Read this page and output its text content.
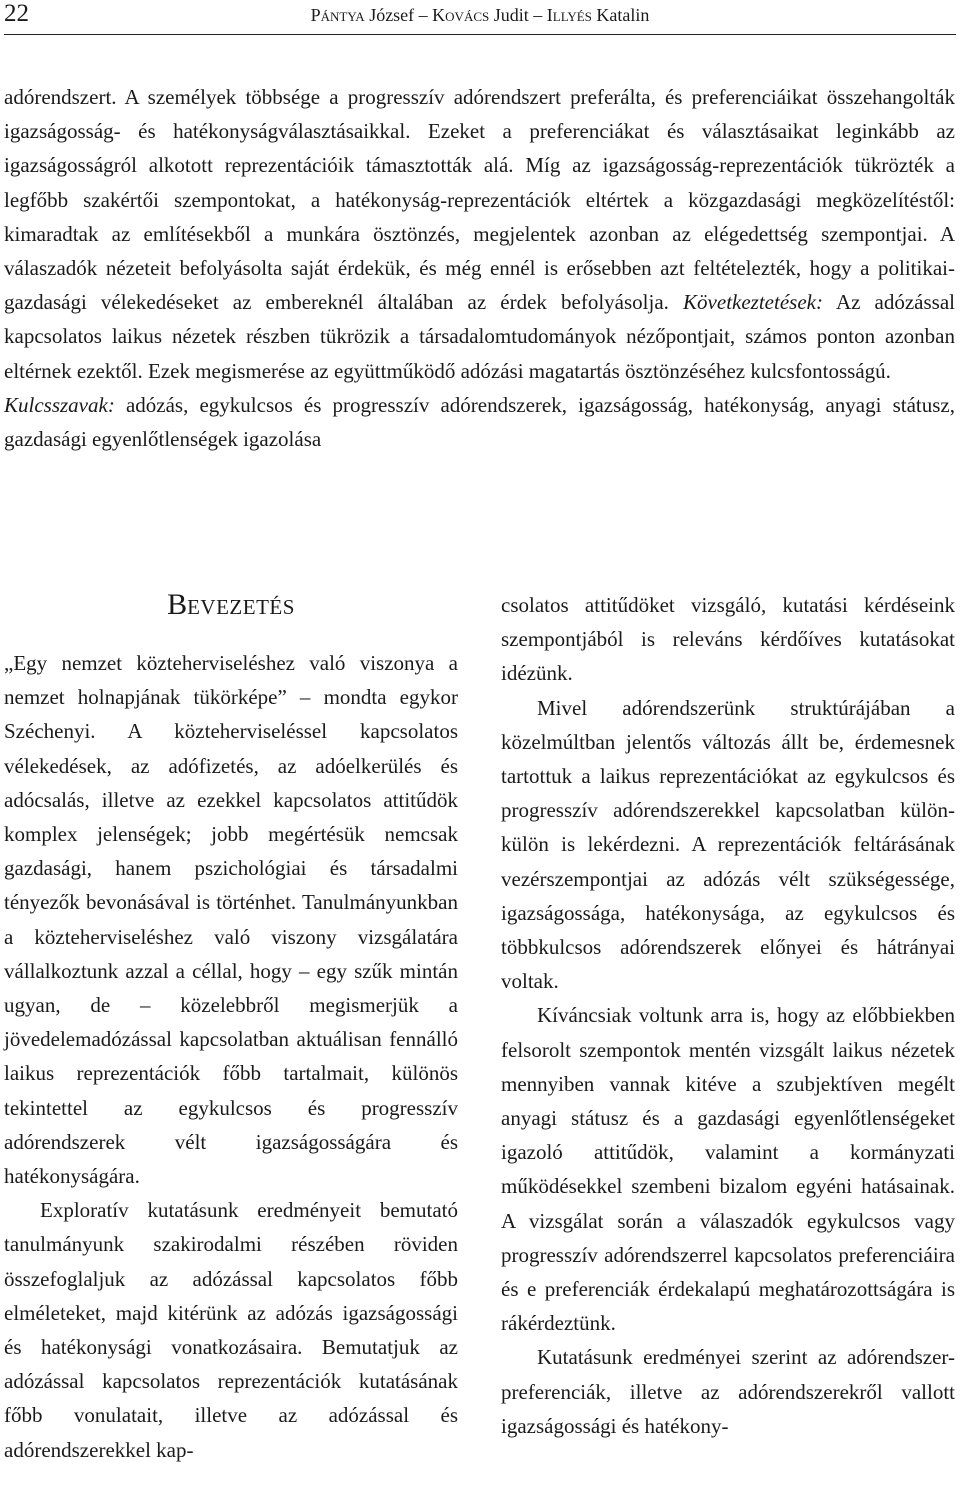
22	Pántya József – Kovács Judit – Illyés Katalin

adórendszert. A személyek többsége a progresszív adórendszert preferálta, és preferenciáikat összehangolták igazságosság- és hatékonyságválasztásaikkal. Ezeket a preferenciákat és választásaikat leginkább az igazságosságról alkotott reprezentációik támasztották alá. Míg az igazságosság-reprezentációk tükrözték a legfőbb szakértői szempontokat, a hatékonyság-reprezentációk eltértek a közgazdasági megközelítéstől: kimaradtak az említésekből a munkára ösztönzés, megjelentek azonban az elégedettség szempontjai. A válaszadók nézeteit befolyásolta saját érdekük, és még ennél is erősebben azt feltételezték, hogy a politikai-gazdasági vélekedéseket az embereknél általában az érdek befolyásolja. Következtetések: Az adózással kapcsolatos laikus nézetek részben tükrözik a társadalomtudományok nézőpontjait, számos ponton azonban eltérnek ezektől. Ezek megismerése az együttműködő adózási magatartás ösztönzéséhez kulcsfontosságú.

Kulcsszavak: adózás, egykulcsos és progresszív adórendszerek, igazságosság, hatékonyság, anyagi státusz, gazdasági egyenlőtlenségek igazolása

BEVEZETÉS

„Egy nemzet közteherviseléshez való viszonya a nemzet holnapjának tükörképe” – mondta egykor Széchenyi. A közteherviseléssel kapcsolatos vélekedések, az adófizetés, az adóelkerülés és adócsalás, illetve az ezekkel kapcsolatos attitűdök komplex jelenségek; jobb megértésük nemcsak gazdasági, hanem pszichológiai és társadalmi tényezők bevonásával is történhet. Tanulmányunkban a közteherviseléshez való viszony vizsgálatára vállalkoztunk azzal a céllal, hogy – egy szűk mintán ugyan, de – közelebbről megismerjük a jövedelemadózással kapcsolatban aktuálisan fennálló laikus reprezentációk főbb tartalmait, különös tekintettel az egykulcsos és progresszív adórendszerek vélt igazságosságára és hatékonyságára.

Exploratív kutatásunk eredményeit bemutató tanulmányunk szakirodalmi részében röviden összefoglaljuk az adózással kapcsolatos főbb elméleteket, majd kitérünk az adózás igazságossági és hatékonysági vonatkozásaira. Bemutatjuk az adózással kapcsolatos reprezentációk kutatásának főbb vonulatait, illetve az adózással és adórendszerekkel kap-

csolatos attitűdöket vizsgáló, kutatási kérdéseink szempontjából is releváns kérdőíves kutatásokat idézünk.

Mivel adórendszerünk struktúrájában a közelmúltban jelentős változás állt be, érdemesnek tartottuk a laikus reprezentációkat az egykulcsos és progresszív adórendszerekkel kapcsolatban külön-külön is lekérdezni. A reprezentációk feltárásának vezérszempontjai az adózás vélt szükségessége, igazságossága, hatékonysága, az egykulcsos és többkulcsos adórendszerek előnyei és hátrányai voltak.

Kíváncsiak voltunk arra is, hogy az előbbiekben felsorolt szempontok mentén vizsgált laikus nézetek mennyiben vannak kitéve a szubjektíven megélt anyagi státusz és a gazdasági egyenlőtlenségeket igazoló attitűdök, valamint a kormányzati működésekkel szembeni bizalom egyéni hatásainak. A vizsgálat során a válaszadók egykulcsos vagy progresszív adórendszerrel kapcsolatos preferenciáira és e preferenciák érdekalapú meghatározottságára is rákérdeztünk.

Kutatásunk eredményei szerint az adórendszer-preferenciák, illetve az adórendszerekről vallott igazságossági és hatékony-
